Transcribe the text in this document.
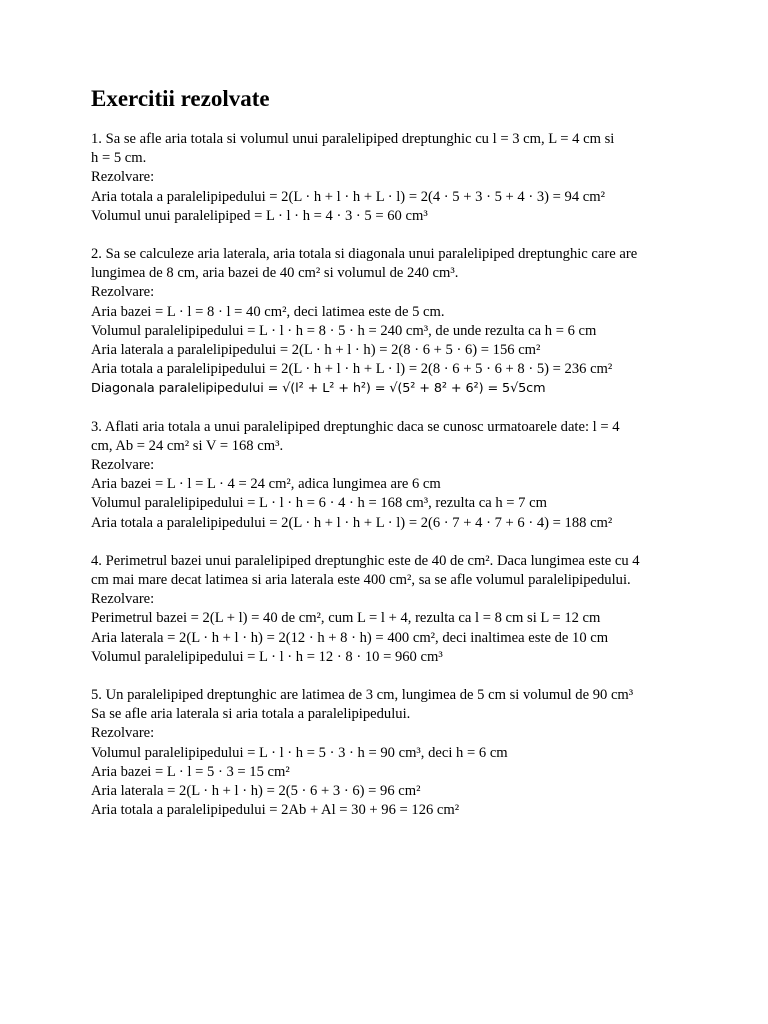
Exercitii rezolvate
1. Sa se afle aria totala si volumul unui paralelipiped dreptunghic cu l = 3 cm, L = 4 cm si
h = 5 cm.
Rezolvare:
Aria totala a paralelipipedului = 2(L · h + l · h + L · l) = 2(4 · 5 + 3 · 5 + 4 · 3) = 94 cm²
Volumul unui paralelipiped = L · l · h = 4 · 3 · 5 = 60 cm³
2. Sa se calculeze aria laterala, aria totala si diagonala unui paralelipiped dreptunghic care are
lungimea de 8 cm, aria bazei de 40 cm² si volumul de 240 cm³.
Rezolvare:
Aria bazei = L · l = 8 · l = 40 cm², deci latimea este de 5 cm.
Volumul paralelipipedului = L · l · h = 8 · 5 · h = 240 cm³, de unde rezulta ca h = 6 cm
Aria laterala a paralelipipedului = 2(L · h + l · h) = 2(8 · 6 + 5 · 6) = 156 cm²
Aria totala a paralelipipedului = 2(L · h + l · h + L · l) = 2(8 · 6 + 5 · 6 + 8 · 5) = 236 cm²
Diagonala paralelipipedului = √(l² + L² + h²) = √(5² + 8² + 6²) = 5√5cm
3. Aflati aria totala a unui paralelipiped dreptunghic daca se cunosc urmatoarele date: l = 4
cm, Ab = 24 cm² si V = 168 cm³.
Rezolvare:
Aria bazei = L · l = L · 4 = 24 cm², adica lungimea are 6 cm
Volumul paralelipipedului = L · l · h = 6 · 4 · h = 168 cm³, rezulta ca h = 7 cm
Aria totala a paralelipipedului = 2(L · h + l · h + L · l) = 2(6 · 7 + 4 · 7 + 6 · 4) = 188 cm²
4. Perimetrul bazei unui paralelipiped dreptunghic este de 40 de cm². Daca lungimea este cu 4
cm mai mare decat latimea si aria laterala este 400 cm², sa se afle volumul paralelipipedului.
Rezolvare:
Perimetrul bazei = 2(L + l) = 40 de cm², cum L = l + 4, rezulta ca l = 8 cm si L = 12 cm
Aria laterala = 2(L · h + l · h) = 2(12 · h + 8 · h) = 400 cm², deci inaltimea este de 10 cm
Volumul paralelipipedului = L · l · h = 12 · 8 · 10 = 960 cm³
5. Un paralelipiped dreptunghic are latimea de 3 cm, lungimea de 5 cm si volumul de 90 cm³
Sa se afle aria laterala si aria totala a paralelipipedului.
Rezolvare:
Volumul paralelipipedului = L · l · h = 5 · 3 · h = 90 cm³, deci h = 6 cm
Aria bazei = L · l = 5 · 3 = 15 cm²
Aria laterala = 2(L · h + l · h) = 2(5 · 6 + 3 · 6) = 96 cm²
Aria totala a paralelipipedului = 2Ab + Al = 30 + 96 = 126 cm²
